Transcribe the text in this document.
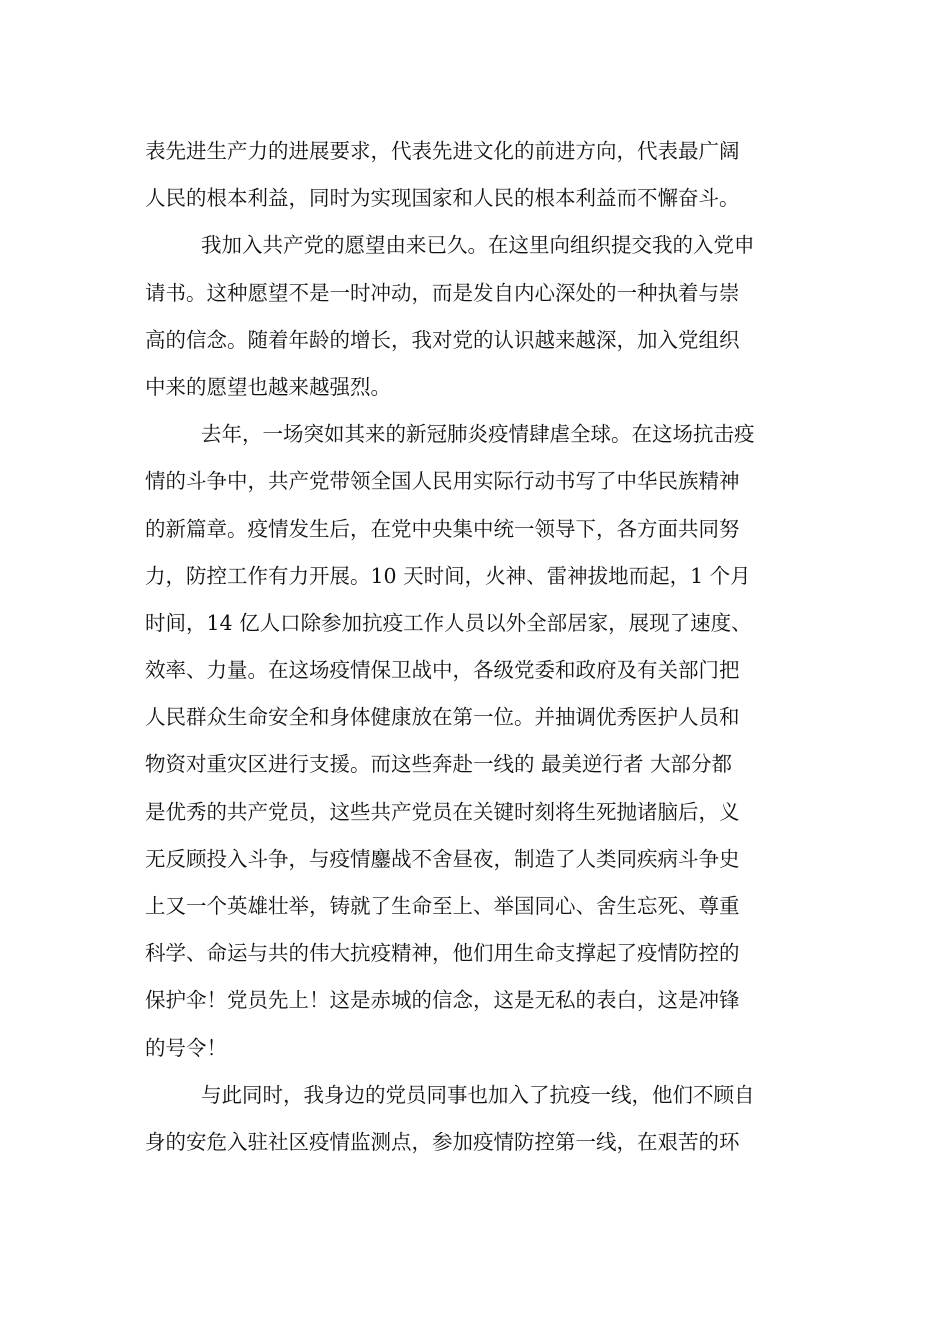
表先进生产力的进展要求，代表先进文化的前进方向，代表最广阔
人民的根本利益，同时为实现国家和人民的根本利益而不懈奋斗。
我加入共产党的愿望由来已久。在这里向组织提交我的入党申
请书。这种愿望不是一时冲动，而是发自内心深处的一种执着与崇
高的信念。随着年龄的增长，我对党的认识越来越深，加入党组织
中来的愿望也越来越强烈。
去年，一场突如其来的新冠肺炎疫情肆虐全球。在这场抗击疫
情的斗争中，共产党带领全国人民用实际行动书写了中华民族精神
的新篇章。疫情发生后，在党中央集中统一领导下，各方面共同努
力，防控工作有力开展。10 天时间，火神、雷神拔地而起，1 个月
时间，14 亿人口除参加抗疫工作人员以外全部居家，展现了速度、
效率、力量。在这场疫情保卫战中，各级党委和政府及有关部门把
人民群众生命安全和身体健康放在第一位。并抽调优秀医护人员和
物资对重灾区进行支援。而这些奔赴一线的 最美逆行者 大部分都
是优秀的共产党员，这些共产党员在关键时刻将生死抛诸脑后，义
无反顾投入斗争，与疫情鏖战不舍昼夜，制造了人类同疾病斗争史
上又一个英雄壮举，铸就了生命至上、举国同心、舍生忘死、尊重
科学、命运与共的伟大抗疫精神，他们用生命支撑起了疫情防控的
保护伞！党员先上！这是赤城的信念，这是无私的表白，这是冲锋
的号令！
与此同时，我身边的党员同事也加入了抗疫一线，他们不顾自
身的安危入驻社区疫情监测点，参加疫情防控第一线，在艰苦的环
